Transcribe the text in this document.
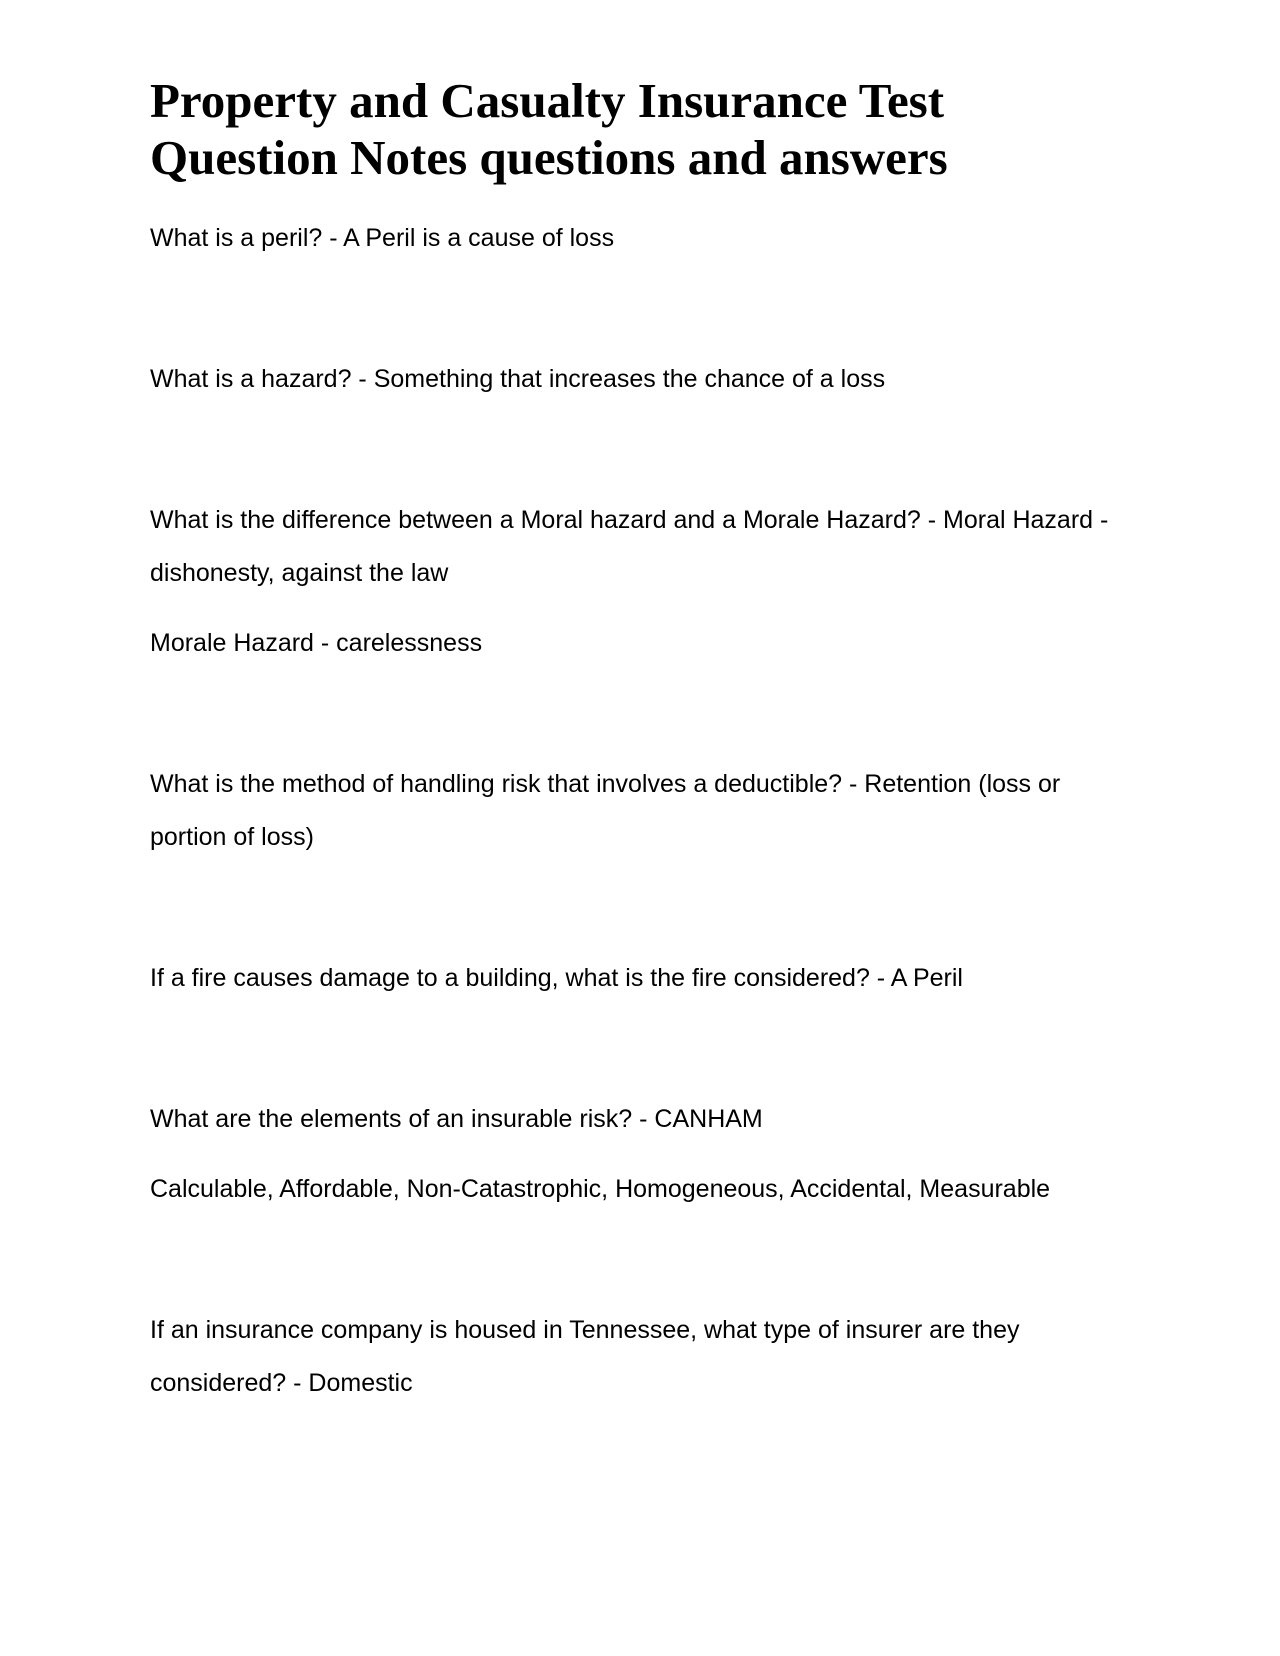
Property and Casualty Insurance Test Question Notes questions and answers

What is a peril? - A Peril is a cause of loss

What is a hazard? - Something that increases the chance of a loss

What is the difference between a Moral hazard and a Morale Hazard? - Moral Hazard - dishonesty, against the law

Morale Hazard - carelessness

What is the method of handling risk that involves a deductible? - Retention (loss or portion of loss)

If a fire causes damage to a building, what is the fire considered? - A Peril

What are the elements of an insurable risk? - CANHAM

Calculable, Affordable, Non-Catastrophic, Homogeneous, Accidental, Measurable

If an insurance company is housed in Tennessee, what type of insurer are they considered? - Domestic
